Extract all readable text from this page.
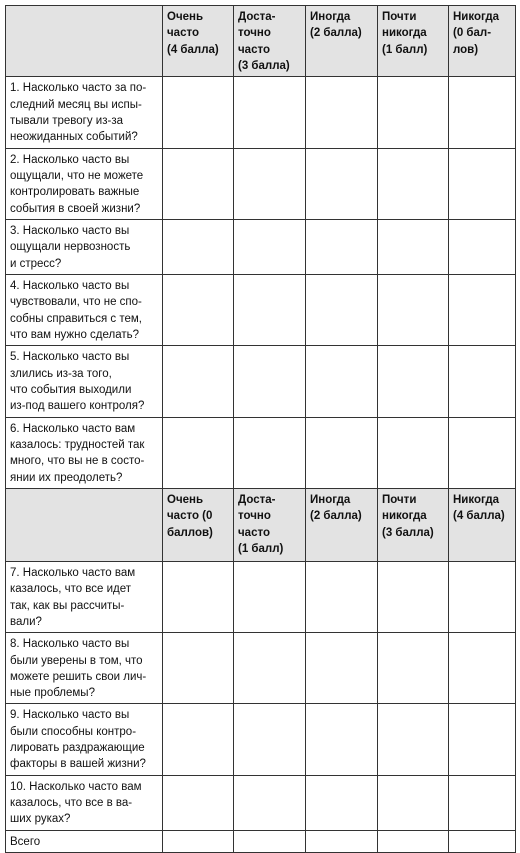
	Очень
часто
(4 балла)	Доста-
точно
часто
(3 балла)	Иногда
(2 балла)	Почти
никогда
(1 балл)	Никогда
(0 бал-
лов)
1. Насколько часто за по-
следний месяц вы испы-
тывали тревогу из-за
неожиданных событий?					
2. Насколько часто вы
ощущали, что не можете
контролировать важные
события в своей жизни?					
3. Насколько часто вы
ощущали нервозность
и стресс?					
4. Насколько часто вы
чувствовали, что не спо-
собны справиться с тем,
что вам нужно сделать?					
5. Насколько часто вы
злились из-за того,
что события выходили
из-под вашего контроля?					
6. Насколько часто вам
казалось: трудностей так
много, что вы не в состо-
янии их преодолеть?					
	Очень
часто (0
баллов)	Доста-
точно
часто
(1 балл)	Иногда
(2 балла)	Почти
никогда
(3 балла)	Никогда
(4 балла)
7. Насколько часто вам
казалось, что все идет
так, как вы рассчиты-
вали?					
8. Насколько часто вы
были уверены в том, что
можете решить свои лич-
ные проблемы?					
9. Насколько часто вы
были способны контро-
лировать раздражающие
факторы в вашей жизни?					
10. Насколько часто вам
казалось, что все в ва-
ших руках?					
Всего					
